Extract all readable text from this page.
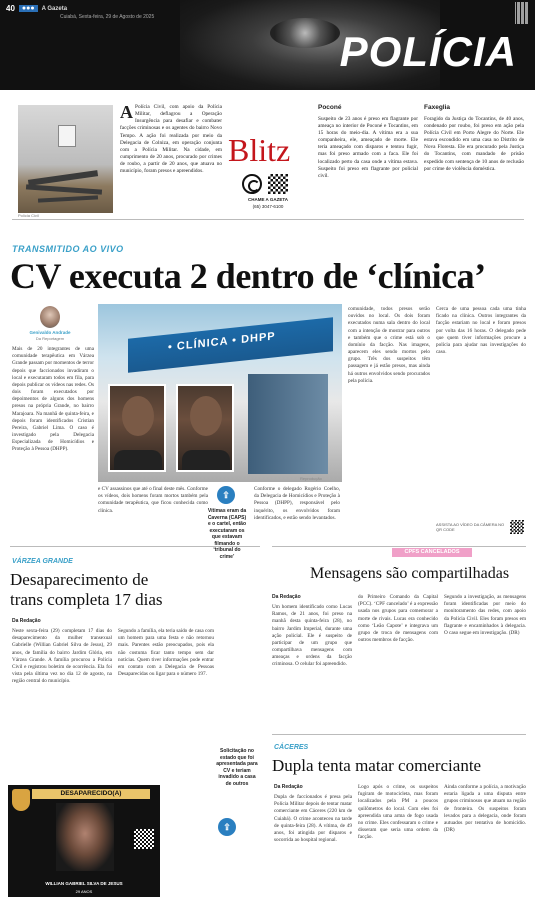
40	●●●	A Gazeta
Cuiabá, Sexta-feira, 29 de Agosto de 2025
POLÍCIA
Polícia Civil
A Polícia Civil, com apoio da Polícia Militar, deflagrou a Operação Insurgência para desafiar e combater facções criminosas e os agentes do bairro Novo Tempo. A ação foi realizada por meio da Delegacia de Colniza, em operação conjunta com a Polícia Militar. Na cidade, em cumprimento de 20 anos, procurado por crimes de roubo, a partir de 20 anos, que atuava no município, foram presos e apreendidos.
Blitz
CHAME A GAZETA
(65) 3047-6100
Poconé
Suspeito de 23 anos é preso em flagrante por ameaça no interior de Poconé e Tocantins, em 15 horas do meio-dia. A vítima era a sua companheira, ele, ameaçado de morte. Ele teria ameaçado com disparos e tentou fugir, mas foi preso armado com a faca. Ele foi localizado perto da casa onde a vítima estava. Suspeito foi preso em flagrante por policial civil.
Faxeglia
Foragido da Justiça do Tocantins, de 40 anos, condenado por roubo, foi preso em ação pela Polícia Civil em Porto Alegre do Norte. Ele estava escondido em uma casa no Distrito de Nova Floresta. Ele era procurado pela Justiça do Tocantins, com mandado de prisão expedido com sentença de 10 anos de reclusão por crime de violência doméstica.
TRANSMITIDO AO VIVO
CV executa 2 dentro de ‘clínica’
Genivaldo Andrade
Da Reportagem
Mais de 20 integrantes de uma comunidade terapêutica em Várzea Grande passam por momentos de terror depois que faccionados invadiram o local e executaram todos em fila, para depois publicar os vídeos nas redes. Os dois foram executados por depoimentos de alguns dos homens presos na própria Grande, no bairro Marajoara. Na manhã de quinta-feira, e depois foram identificados Cristian Pereira, Gabriel Lima. O caso é investigado pela Delegacia Especializada de Homicídios e Proteção à Pessoa (DHPP).
• CLÍNICA • DHPP
Reprodução
e CV assassinos que até o final deste mês. Conforme os vídeos, dois homens foram mortos também pela comunidade terapêutica, que ficou conhecida como clínica.
⇪
Vítimas eram da Caverna (CAPS) e o cartel, então executaram os que estavam filmando o ‘tribunal do crime’
Conforme o delegado Rogério Coelho, da Delegacia de Homicídios e Proteção à Pessoa (DHPP), responsável pelo inquérito, os envolvidos foram identificados, e estão sendo levantados.
comunidade, todos presos serão ouvidos no local. Os dois foram executados numa sala dentro do local com a intenção de mostrar para outros e também que o crime está sob o domínio da facção. Nas imagens, aparecem eles sendo mortos pelo grupo. Três dos suspeitos têm passagem e já estão presos, mas ainda há outros envolvidos sendo procurados pela polícia.
Cerca de uma pessoa cada uma tinha ficado na clínica. Outros integrantes da facção estariam no local e foram presos por volta das 16 horas. O delegado pede que quem tiver informações procure a polícia para ajudar nas investigações do caso.
ASSISTA AO VÍDEO DA CÂMERA NO QR CODE
VÁRZEA GRANDE
Desaparecimento de
trans completa 17 dias
Da Redação
Neste sexta-feira (29) completam 17 dias do desaparecimento da mulher transexual Gabrielle (Willian Gabriel Silva de Jesus), 29 anos, de família do bairro Jardim Glória, em Várzea Grande. A família procurou a Polícia Civil e registrou boletim de ocorrência. Ela foi vista pela última vez no dia 12 de agosto, na região central do município.
Segundo a família, ela teria saído de casa com um homem para uma festa e não retornou mais. Parentes estão preocupados, pois ela não costuma ficar tanto tempo sem dar notícias. Quem tiver informações pode entrar em contato com a Delegacia de Pessoas Desaparecidas ou ligar para o número 197.
Solicitação no estado que foi apresentada para CV e teriam invadido a casa de outros
⇪
DESAPARECIDO(A)
WILLIAN GABRIEL SILVA DE JESUS
29 ANOS
CPFS CANCELADOS
Mensagens são compartilhadas
Da Redação
Um homem identificado como Lucas Ramos, de 21 anos, foi preso na manhã desta quinta-feira (28), no bairro Jardim Imperial, durante uma ação policial. Ele é suspeito de participar de um grupo que compartilhava mensagens com ameaças e ordens da facção criminosa. O celular foi apreendido.
do Primeiro Comando da Capital (PCC). ‘CPF cancelado’ é a expressão usada nos grupos para comemorar a morte de rivais. Lucas era conhecido como ‘Leão Capote’ e integrava um grupo de troca de mensagens com outros membros de facção.
Segundo a investigação, as mensagens foram identificadas por meio do monitoramento das redes, com apoio da Polícia Civil. Eles foram presos em flagrante e encaminhados à delegacia. O caso segue em investigação. (DR)
CÁCERES
Dupla tenta matar comerciante
Da Redação
Dupla de faccionados é presa pela Polícia Militar depois de tentar matar comerciante em Cáceres (220 km de Cuiabá). O crime aconteceu na tarde de quinta-feira (28). A vítima, de 49 anos, foi atingida por disparos e socorrida ao hospital regional.
Logo após o crime, os suspeitos fugiram de motocicleta, mas foram localizados pela PM a poucos quilômetros do local. Com eles foi apreendida uma arma de fogo usada no crime. Eles confessaram o crime e disseram que seria uma ordem da facção.
Ainda conforme a polícia, a motivação estaria ligada a uma disputa entre grupos criminosos que atuam na região de fronteira. Os suspeitos foram levados para a delegacia, onde foram autuados por tentativa de homicídio. (DR)
